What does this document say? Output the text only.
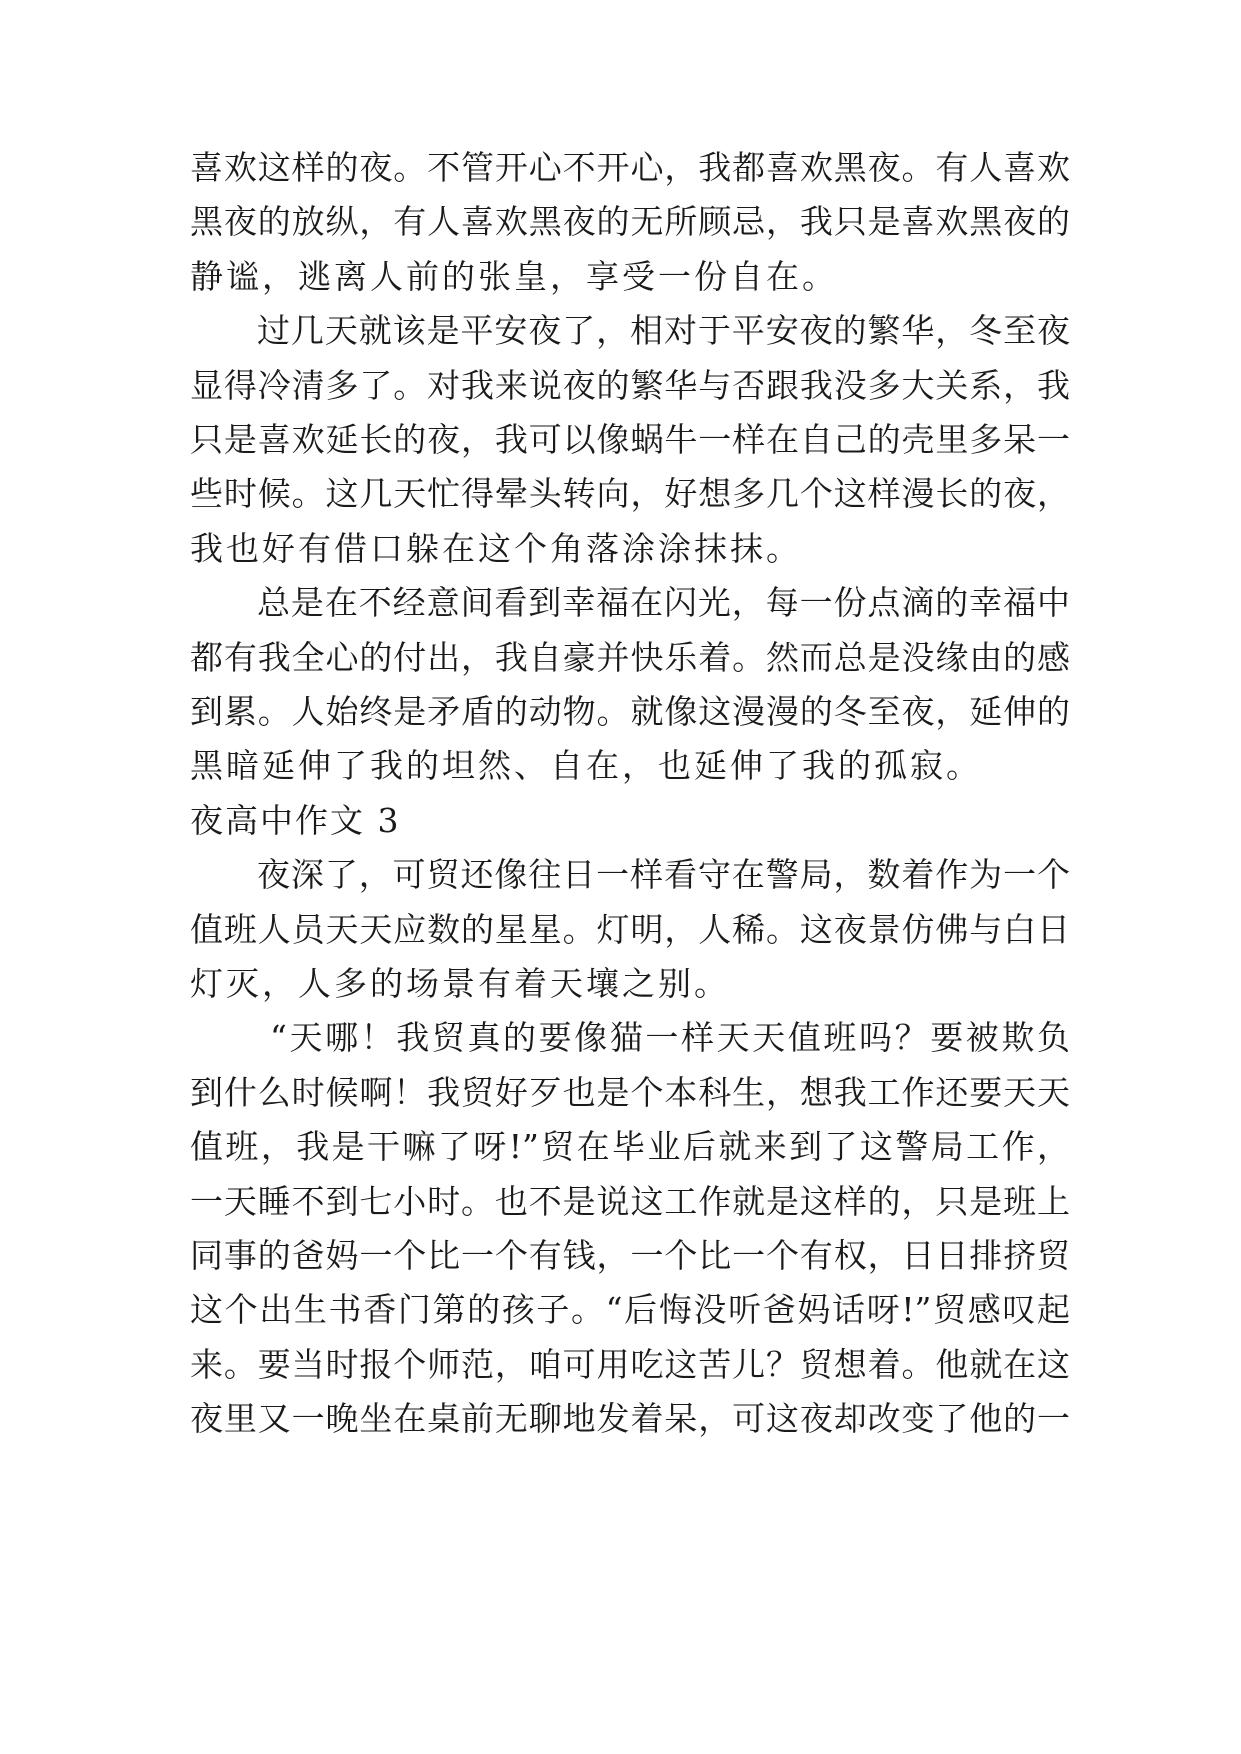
喜欢这样的夜。不管开心不开心，我都喜欢黑夜。有人喜欢
黑夜的放纵，有人喜欢黑夜的无所顾忌，我只是喜欢黑夜的
静谧，逃离人前的张皇，享受一份自在。
过几天就该是平安夜了，相对于平安夜的繁华，冬至夜
显得冷清多了。对我来说夜的繁华与否跟我没多大关系，我
只是喜欢延长的夜，我可以像蜗牛一样在自己的壳里多呆一
些时候。这几天忙得晕头转向，好想多几个这样漫长的夜，
我也好有借口躲在这个角落涂涂抹抹。
总是在不经意间看到幸福在闪光，每一份点滴的幸福中
都有我全心的付出，我自豪并快乐着。然而总是没缘由的感
到累。人始终是矛盾的动物。就像这漫漫的冬至夜，延伸的
黑暗延伸了我的坦然、自在，也延伸了我的孤寂。
夜高中作文 3
夜深了，可贸还像往日一样看守在警局，数着作为一个
值班人员天天应数的星星。灯明，人稀。这夜景仿佛与白日
灯灭，人多的场景有着天壤之别。
“天哪！我贸真的要像猫一样天天值班吗？要被欺负
到什么时候啊！我贸好歹也是个本科生，想我工作还要天天
值班，我是干嘛了呀!”贸在毕业后就来到了这警局工作，
一天睡不到七小时。也不是说这工作就是这样的，只是班上
同事的爸妈一个比一个有钱，一个比一个有权，日日排挤贸
这个出生书香门第的孩子。“后悔没听爸妈话呀!”贸感叹起
来。要当时报个师范，咱可用吃这苦儿？贸想着。他就在这
夜里又一晚坐在桌前无聊地发着呆，可这夜却改变了他的一
